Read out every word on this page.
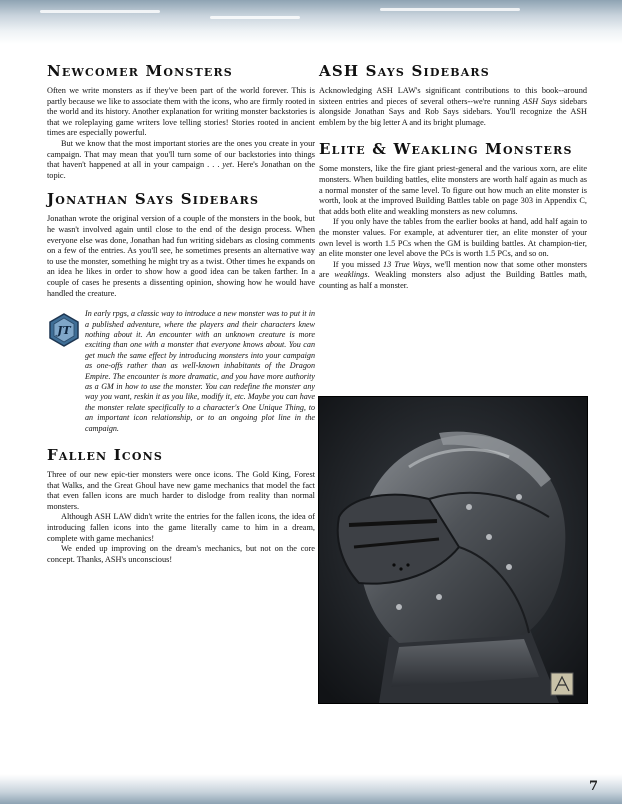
Newcomer Monsters

Often we write monsters as if they've been part of the world forever. This is partly because we like to associate them with the icons, who are firmly rooted in the world and its history. Another explanation for writing monster backstories is that we roleplaying game writers love telling stories! Stories rooted in ancient times are especially powerful.

But we know that the most important stories are the ones you create in your campaign. That may mean that you'll turn some of our backstories into things that haven't happened at all in your campaign . . . yet. Here's Jonathan on the topic.

Jonathan Says Sidebars

Jonathan wrote the original version of a couple of the monsters in the book, but he wasn't involved again until close to the end of the design process. When everyone else was done, Jonathan had fun writing sidebars as closing comments on a few of the entries. As you'll see, he sometimes presents an alternative way to use the monster, something he might try as a twist. Other times he expands on an idea he likes in order to show how a good idea can be taken farther. In a couple of cases he presents a dissenting opinion, showing how he would have handled the creature.

JT

In early rpgs, a classic way to introduce a new monster was to put it in a published adventure, where the players and their characters knew nothing about it. An encounter with an unknown creature is more exciting than one with a monster that everyone knows about. You can get much the same effect by introducing monsters into your campaign as one-offs rather than as well-known inhabitants of the Dragon Empire. The encounter is more dramatic, and you have more authority as a GM in how to use the monster. You can redefine the monster any way you want, reskin it as you like, modify it, etc. Maybe you can have the monster relate specifically to a character's One Unique Thing, to an important icon relationship, or to an ongoing plot line in the campaign.

Fallen Icons

Three of our new epic-tier monsters were once icons. The Gold King, Forest that Walks, and the Great Ghoul have new game mechanics that model the fact that even fallen icons are much harder to dislodge from reality than normal monsters.

Although ASH LAW didn't write the entries for the fallen icons, the idea of introducing fallen icons into the game literally came to him in a dream, complete with game mechanics!

We ended up improving on the dream's mechanics, but not on the core concept. Thanks, ASH's unconscious!

ASH Says Sidebars

Acknowledging ASH LAW's significant contributions to this book--around sixteen entries and pieces of several others--we're running ASH Says sidebars alongside Jonathan Says and Rob Says sidebars. You'll recognize the ASH emblem by the big letter A and its bright plumage.

Elite & Weakling Monsters

Some monsters, like the fire giant priest-general and the various xorn, are elite monsters. When building battles, elite monsters are worth half again as much as a normal monster of the same level. To figure out how much an elite monster is worth, look at the improved Building Battles table on page 303 in Appendix C, that adds both elite and weakling monsters as new columns.

If you only have the tables from the earlier books at hand, add half again to the monster values. For example, at adventurer tier, an elite monster of your own level is worth 1.5 PCs when the GM is building battles. At champion-tier, an elite monster one level above the PCs is worth 1.5 PCs, and so on.

If you missed 13 True Ways, we'll mention now that some other monsters are weaklings. Weakling monsters also adjust the Building Battles math, counting as half a monster.

7
